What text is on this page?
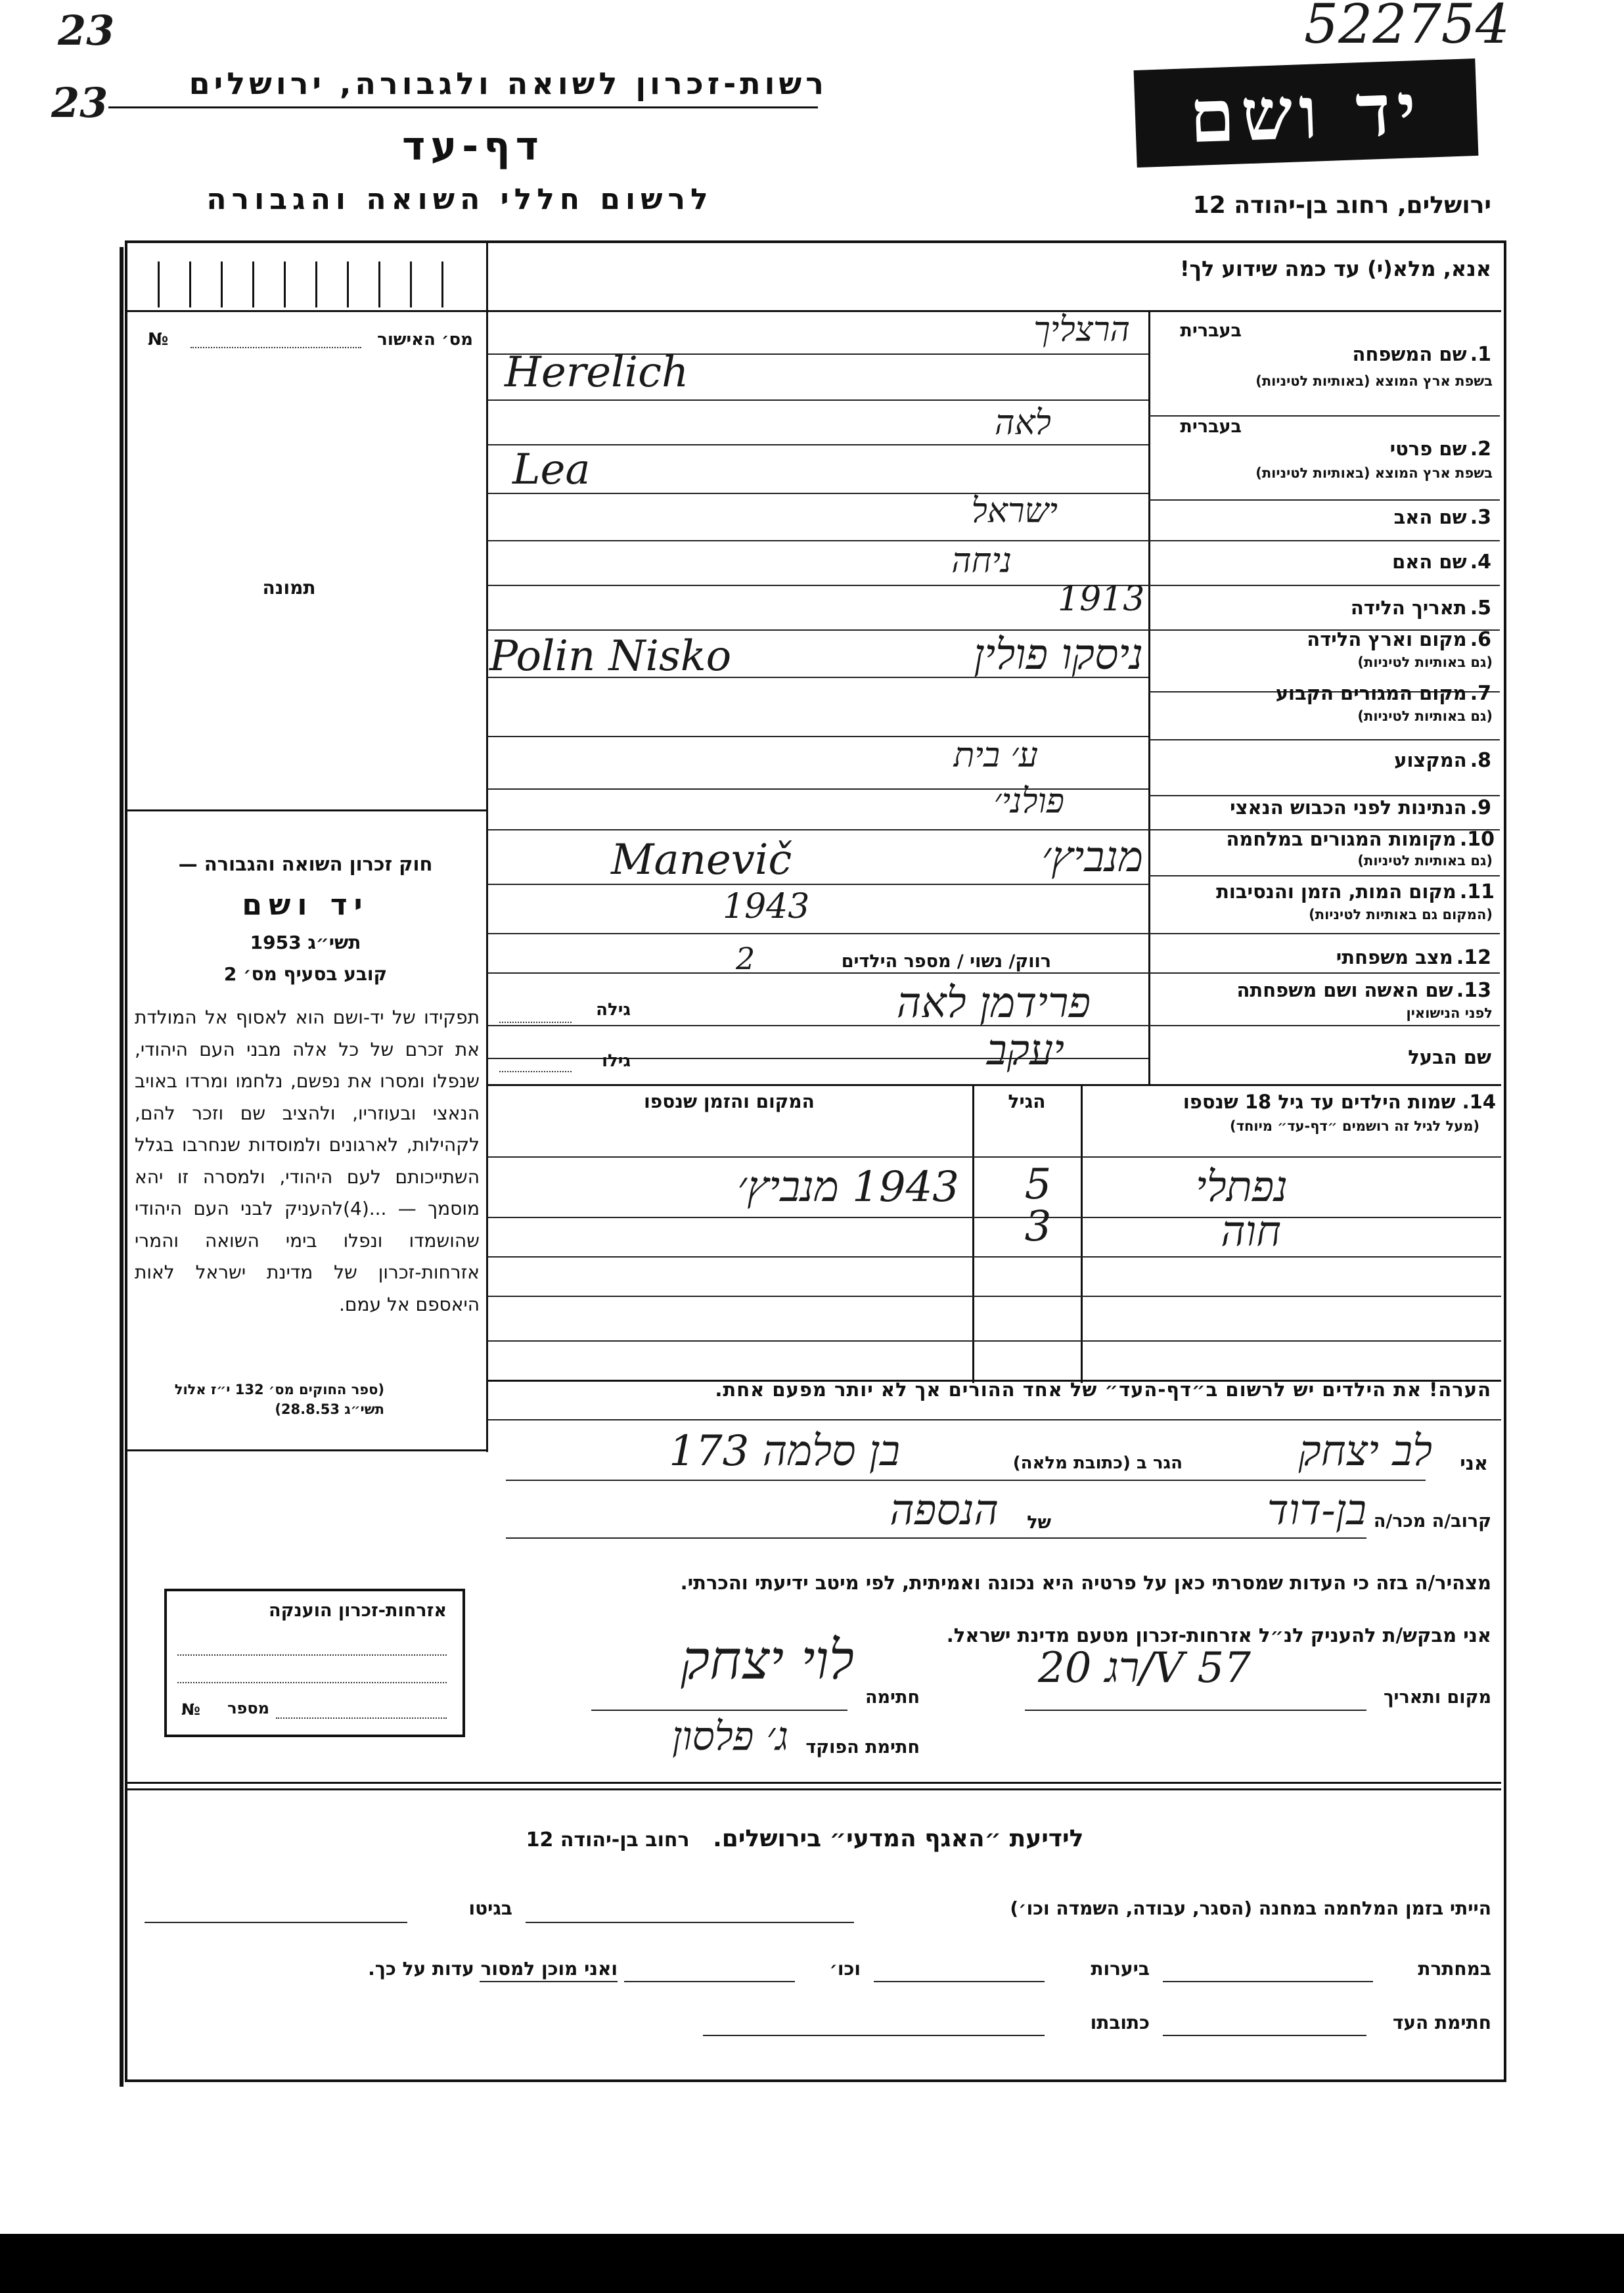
23
23
522754
רשות-זכרון לשואה ולגבורה, ירושלים
דף-עד
לרשום חללי השואה והגבורה
יד ושם
ירושלים, רחוב בן-יהודה 12
אנא, מלא(י) עד כמה שידוע לך!
מס׳ האישור
№
תמונה
בעברית
1. שם המשפחה
בשפת ארץ המוצא (באותיות לטיניות)
הרצליך
Herelich
בעברית
2. שם פרטי
בשפת ארץ המוצא (באותיות לטיניות)
לאה
Lea
3. שם האב
ישראל
4. שם האם
ניחה
5. תאריך הלידה
1913
6. מקום וארץ הלידה
(גם באותיות לטיניות)
ניסקו פולין
Polin Nisko
7. מקום המגורים הקבוע
(גם באותיות לטיניות)
8. המקצוע
ע׳ בית
9. הנתינות לפני הכבוש הנאצי
פולני׳
10. מקומות המגורים במלחמה
(גם באותיות לטיניות)
מנביץ׳
Manevič
11. מקום המות, הזמן והנסיבות
(המקום גם באותיות לטיניות)
1943
12. מצב משפחתי
רווק/ נשוי / מספר הילדים
2
13. שם האשה ושם משפחתה
לפני הנישואין
פרידמן לאה
גילה
שם הבעל
יעקב
גילו
14. שמות הילדים עד גיל 18 שנספו
(מעל לגיל זה רושמים ״דף-עד״ מיוחד)
הגיל
המקום והזמן שנספו
נפתלי
5
1943 מנביץ׳
חוה
3
הערה! את הילדים יש לרשום ב״דף-העד״ של אחד ההורים אך לא יותר מפעם אחת.
חוק זכרון השואה והגבורה —
יד ושם
תשי״ג 1953
קובע בסעיף מס׳ 2
תפקידו של יד-ושם הוא לאסוף אל המולדת את זכרם של כל אלה מבני העם היהודי, שנפלו ומסרו את נפשם, נלחמו ומרדו באויב הנאצי ובעוזריו, ולהציב שם וזכר להם, לקהילות, לארגונים ולמוסדות שנחרבו בגלל השתייכותם לעם היהודי, ולמסרה זו יהא מוסמך — ...(4)להעניק לבני העם היהודי שהושמדו ונפלו בימי השואה והמרי אזרחות-זכרון של מדינת ישראל לאות היאספם אל עמם.
(ספר החוקים מס׳ 132 י״ז אלול תשי״ג 28.8.53)
אני
לב יצחק
הגר ב (כתובת מלאה)
בן סלמה 173
קרוב/ה מכר/ה
בן-דוד
של
הנספה
מצהיר/ה בזה כי העדות שמסרתי כאן על פרטיה היא נכונה ואמיתית, לפי מיטב ידיעתי והכרתי.
אני מבקש/ת להעניק לנ״ל אזרחות-זכרון מטעם מדינת ישראל.
מקום ותאריך
רג 20/V 57
חתימה
לוי יצחק
חתימת הפוקד
ג׳ פלסון
אזרחות-זכרון הוענקה
מספר
№
לידיעת ״האגף המדעי״ בירושלים.   רחוב בן-יהודה 12
הייתי בזמן המלחמה במחנה (הסגר, עבודה, השמדה וכו׳)
בגיטו
במחתרת
ביערות
וכו׳
ואני מוכן למסור עדות על כך.
חתימת העד
כתובתו
